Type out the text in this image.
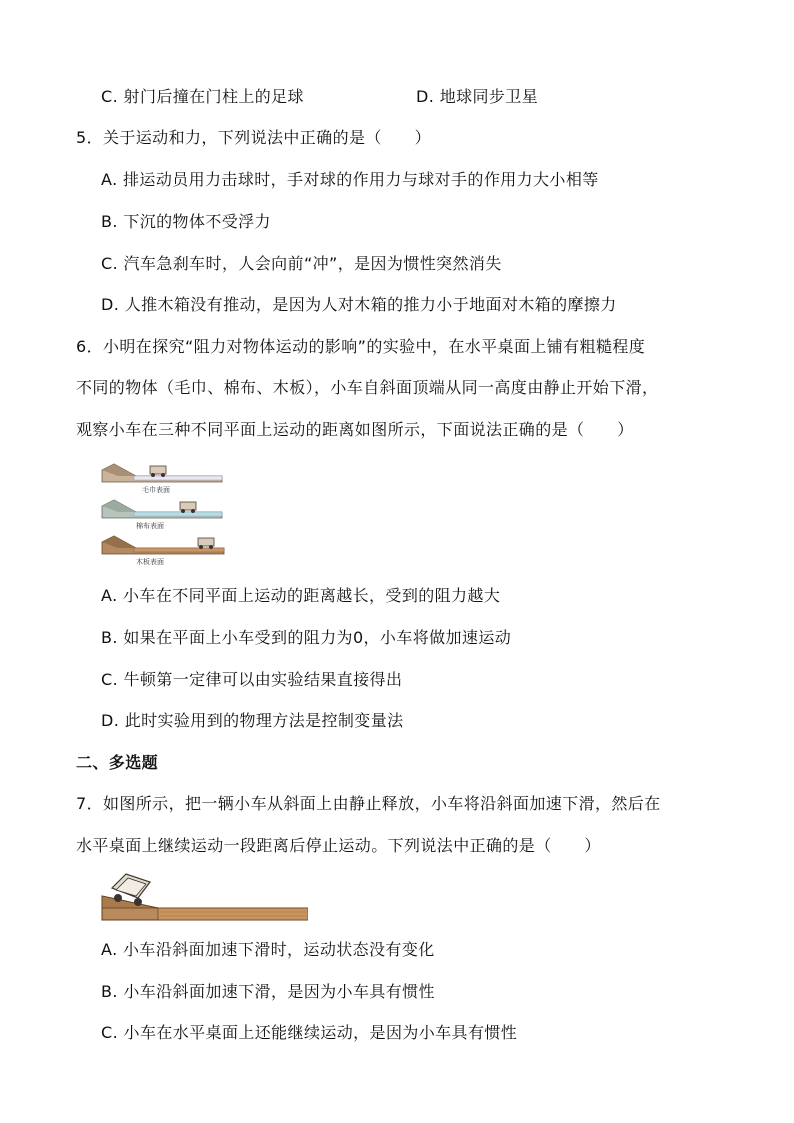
C. 射门后撞在门柱上的足球	D. 地球同步卫星
5．关于运动和力，下列说法中正确的是（　　）
A. 排运动员用力击球时，手对球的作用力与球对手的作用力大小相等
B. 下沉的物体不受浮力
C. 汽车急刹车时，人会向前“冲”，是因为惯性突然消失
D. 人推木箱没有推动，是因为人对木箱的推力小于地面对木箱的摩擦力
6．小明在探究“阻力对物体运动的影响”的实验中，在水平桌面上铺有粗糙程度
不同的物体（毛巾、棉布、木板），小车自斜面顶端从同一高度由静止开始下滑，
观察小车在三种不同平面上运动的距离如图所示，下面说法正确的是（　　）
毛巾表面
棉布表面
木板表面
A. 小车在不同平面上运动的距离越长，受到的阻力越大
B. 如果在平面上小车受到的阻力为0，小车将做加速运动
C. 牛顿第一定律可以由实验结果直接得出
D. 此时实验用到的物理方法是控制变量法
二、多选题
7．如图所示，把一辆小车从斜面上由静止释放，小车将沿斜面加速下滑，然后在
水平桌面上继续运动一段距离后停止运动。下列说法中正确的是（　　）
A. 小车沿斜面加速下滑时，运动状态没有变化
B. 小车沿斜面加速下滑，是因为小车具有惯性
C. 小车在水平桌面上还能继续运动，是因为小车具有惯性
